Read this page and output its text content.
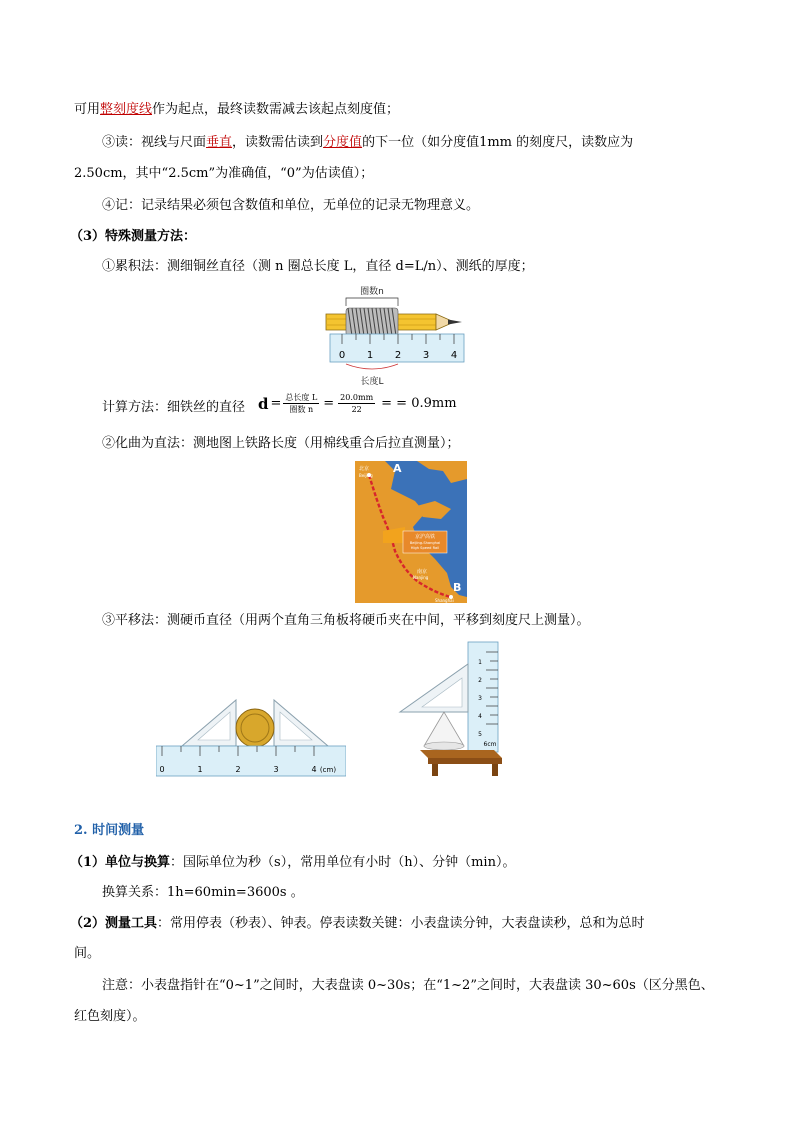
可用整刻度线作为起点，最终读数需减去该起点刻度值；
③读：视线与尺面垂直，读数需估读到分度值的下一位（如分度值1mm 的刻度尺，读数应为
2.50cm，其中“2.5cm”为准确值，“0”为估读值）；
④记：记录结果必须包含数值和单位，无单位的记录无物理意义。
（3）特殊测量方法：
①累积法：测细铜丝直径（测 n 圈总长度 L，直径 d=L/n）、测纸的厚度；
圈数n
0 1 2 3 4
长度L
计算方法：细铁丝的直径 d = 总长度 L
圈数 $n = \frac{20.0mm}{22}$ = = 0.9mm
②化曲为直法：测地图上铁路长度（用棉线重合后拉直测量）；
A
B
北京
Beijing
南京
Nanjing
Shanghai
京沪高铁
Beijing-Shanghai
High Speed Rail
③平移法：测硬币直径（用两个直角三角板将硬币夹在中间，平移到刻度尺上测量）。
0	1	2	3	4 (cm)
1
2
3
4
5
6cm
2. 时间测量
（1）单位与换算：国际单位为秒（s），常用单位有小时（h）、分钟（min）。
换算关系：1h=60min=3600s 。
（2）测量工具：常用停表（秒表）、钟表。停表读数关键：小表盘读分钟，大表盘读秒，总和为总时
间。
注意：小表盘指针在“0~1”之间时，大表盘读 0~30s；在“1~2”之间时，大表盘读 30~60s（区分黑色、
红色刻度）。
